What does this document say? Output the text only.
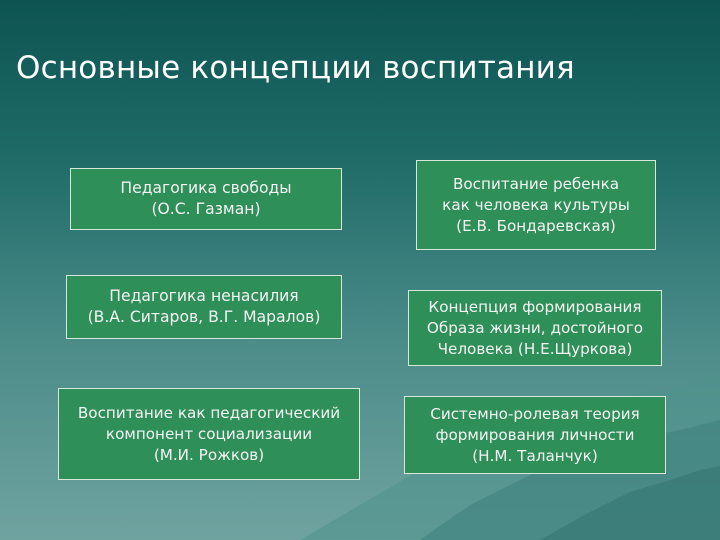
Основные концепции воспитания
Педагогика свободы
(О.С. Газман)
Педагогика ненасилия
(В.А. Ситаров, В.Г. Маралов)
Воспитание как педагогический
компонент социализации
(М.И. Рожков)
Воспитание ребенка
как человека культуры
(Е.В. Бондаревская)
Концепция формирования
Образа жизни, достойного
Человека (Н.Е.Щуркова)
Системно-ролевая теория
формирования личности
(Н.М. Таланчук)
